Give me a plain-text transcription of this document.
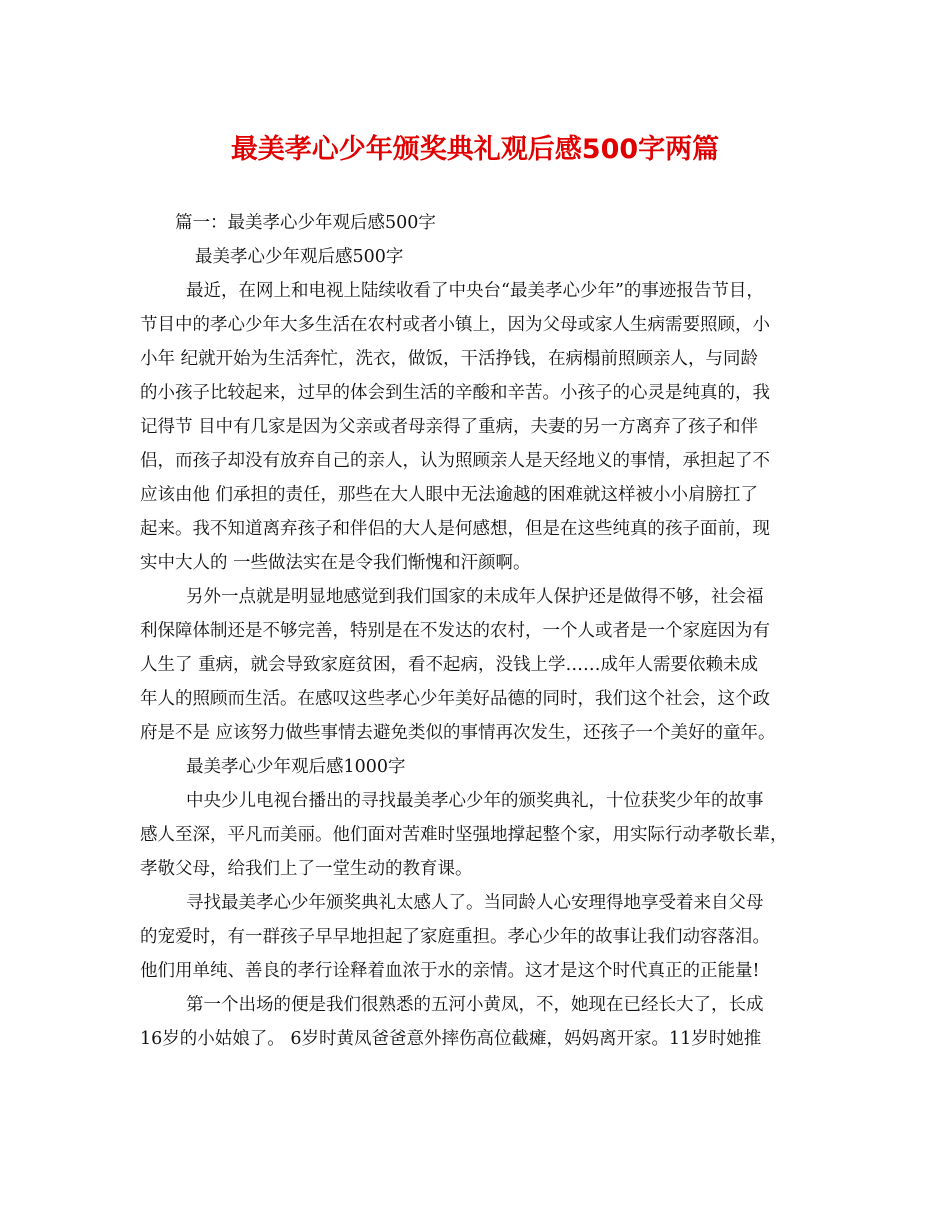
最美孝心少年颁奖典礼观后感500字两篇
篇一：最美孝心少年观后感500字
最美孝心少年观后感500字
最近，在网上和电视上陆续收看了中央台“最美孝心少年”的事迹报告节目，
节目中的孝心少年大多生活在农村或者小镇上，因为父母或家人生病需要照顾，小
小年 纪就开始为生活奔忙，洗衣，做饭，干活挣钱，在病榻前照顾亲人，与同龄
的小孩子比较起来，过早的体会到生活的辛酸和辛苦。小孩子的心灵是纯真的，我
记得节 目中有几家是因为父亲或者母亲得了重病，夫妻的另一方离弃了孩子和伴
侣，而孩子却没有放弃自己的亲人，认为照顾亲人是天经地义的事情，承担起了不
应该由他 们承担的责任，那些在大人眼中无法逾越的困难就这样被小小肩膀扛了
起来。我不知道离弃孩子和伴侣的大人是何感想，但是在这些纯真的孩子面前，现
实中大人的 一些做法实在是令我们惭愧和汗颜啊。
另外一点就是明显地感觉到我们国家的未成年人保护还是做得不够，社会福
利保障体制还是不够完善，特别是在不发达的农村，一个人或者是一个家庭因为有
人生了 重病，就会导致家庭贫困，看不起病，没钱上学……成年人需要依赖未成
年人的照顾而生活。在感叹这些孝心少年美好品德的同时，我们这个社会，这个政
府是不是 应该努力做些事情去避免类似的事情再次发生，还孩子一个美好的童年。
最美孝心少年观后感1000字
中央少儿电视台播出的寻找最美孝心少年的颁奖典礼，十位获奖少年的故事
感人至深，平凡而美丽。他们面对苦难时坚强地撑起整个家，用实际行动孝敬长辈，
孝敬父母，给我们上了一堂生动的教育课。
寻找最美孝心少年颁奖典礼太感人了。当同龄人心安理得地享受着来自父母
的宠爱时，有一群孩子早早地担起了家庭重担。孝心少年的故事让我们动容落泪。
他们用单纯、善良的孝行诠释着血浓于水的亲情。这才是这个时代真正的正能量!
第一个出场的便是我们很熟悉的五河小黄凤，不，她现在已经长大了，长成
16岁的小姑娘了。 6岁时黄凤爸爸意外摔伤高位截瘫，妈妈离开家。11岁时她推
